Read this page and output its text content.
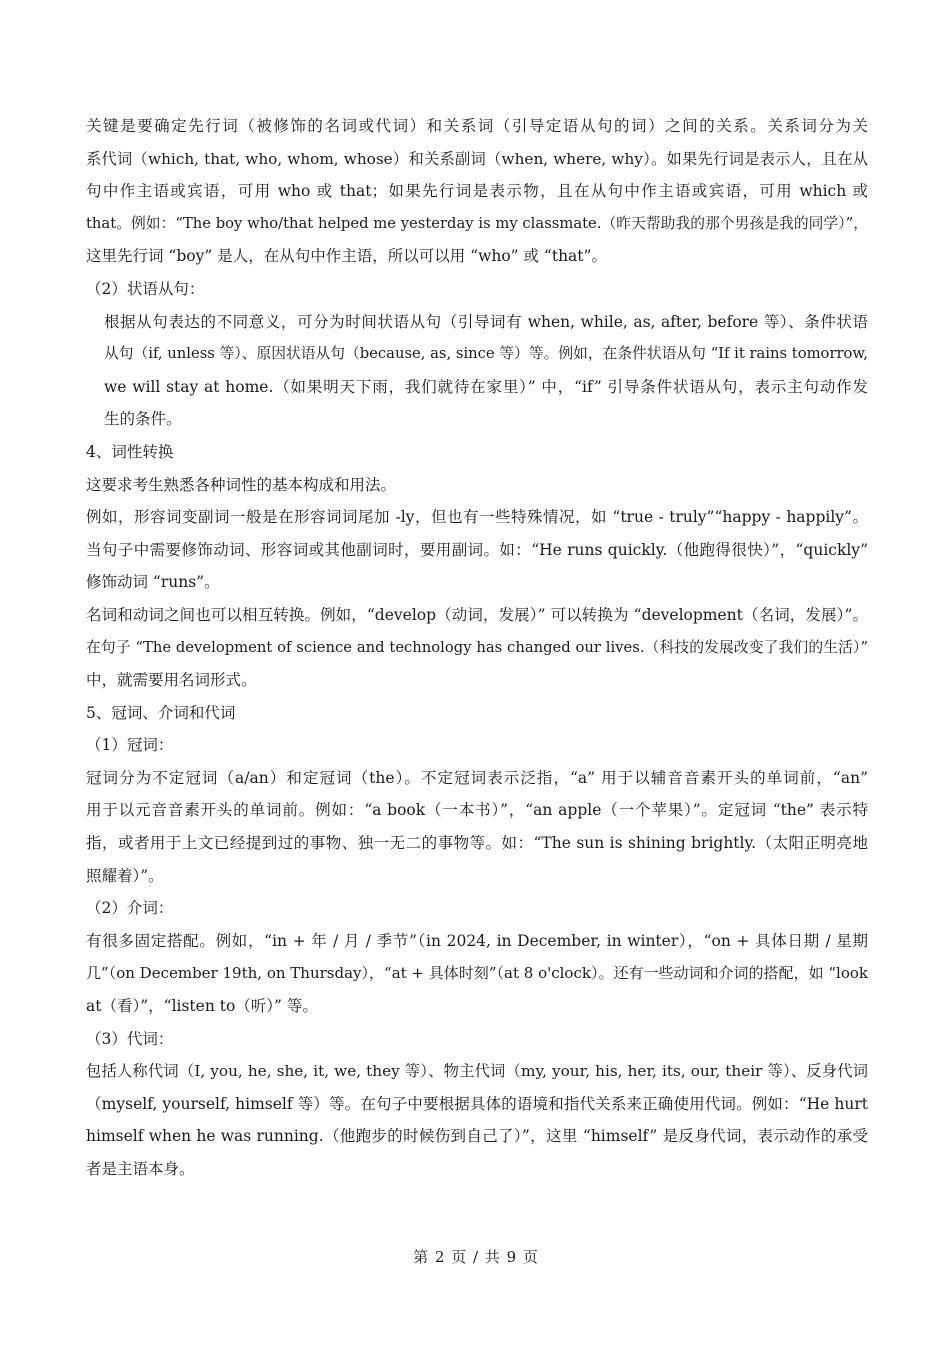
关键是要确定先行词（被修饰的名词或代词）和关系词（引导定语从句的词）之间的关系。关系词分为关
系代词（which, that, who, whom, whose）和关系副词（when, where, why）。如果先行词是表示人，且在从
句中作主语或宾语，可用 who 或 that；如果先行词是表示物，且在从句中作主语或宾语，可用 which 或
that。例如：“The boy who/that helped me yesterday is my classmate.（昨天帮助我的那个男孩是我的同学）”，
这里先行词 “boy” 是人，在从句中作主语，所以可以用 “who” 或 “that”。
（2）状语从句：
根据从句表达的不同意义，可分为时间状语从句（引导词有 when, while, as, after, before 等）、条件状语
从句（if, unless 等）、原因状语从句（because, as, since 等）等。例如，在条件状语从句 “If it rains tomorrow,
we will stay at home.（如果明天下雨，我们就待在家里）” 中，“if” 引导条件状语从句，表示主句动作发
生的条件。
4、词性转换
这要求考生熟悉各种词性的基本构成和用法。
例如，形容词变副词一般是在形容词词尾加 -ly，但也有一些特殊情况，如 “true - truly”“happy - happily”。
当句子中需要修饰动词、形容词或其他副词时，要用副词。如：“He runs quickly.（他跑得很快）”，“quickly”
修饰动词 “runs”。
名词和动词之间也可以相互转换。例如，“develop（动词，发展）” 可以转换为 “development（名词，发展）”。
在句子 “The development of science and technology has changed our lives.（科技的发展改变了我们的生活）”
中，就需要用名词形式。
5、冠词、介词和代词
（1）冠词：
冠词分为不定冠词（a/an）和定冠词（the）。不定冠词表示泛指，“a” 用于以辅音音素开头的单词前，“an”
用于以元音音素开头的单词前。例如：“a book（一本书）”，“an apple（一个苹果）”。定冠词 “the” 表示特
指，或者用于上文已经提到过的事物、独一无二的事物等。如：“The sun is shining brightly.（太阳正明亮地
照耀着）”。
（2）介词：
有很多固定搭配。例如，“in + 年 / 月 / 季节”（in 2024, in December, in winter），“on + 具体日期 / 星期
几”（on December 19th, on Thursday），“at + 具体时刻”（at 8 o'clock）。还有一些动词和介词的搭配，如 “look
at（看）”，“listen to（听）” 等。
（3）代词：
包括人称代词（I, you, he, she, it, we, they 等）、物主代词（my, your, his, her, its, our, their 等）、反身代词
（myself, yourself, himself 等）等。在句子中要根据具体的语境和指代关系来正确使用代词。例如：“He hurt
himself when he was running.（他跑步的时候伤到自己了）”，这里 “himself” 是反身代词，表示动作的承受
者是主语本身。
第 2 页 / 共 9 页
